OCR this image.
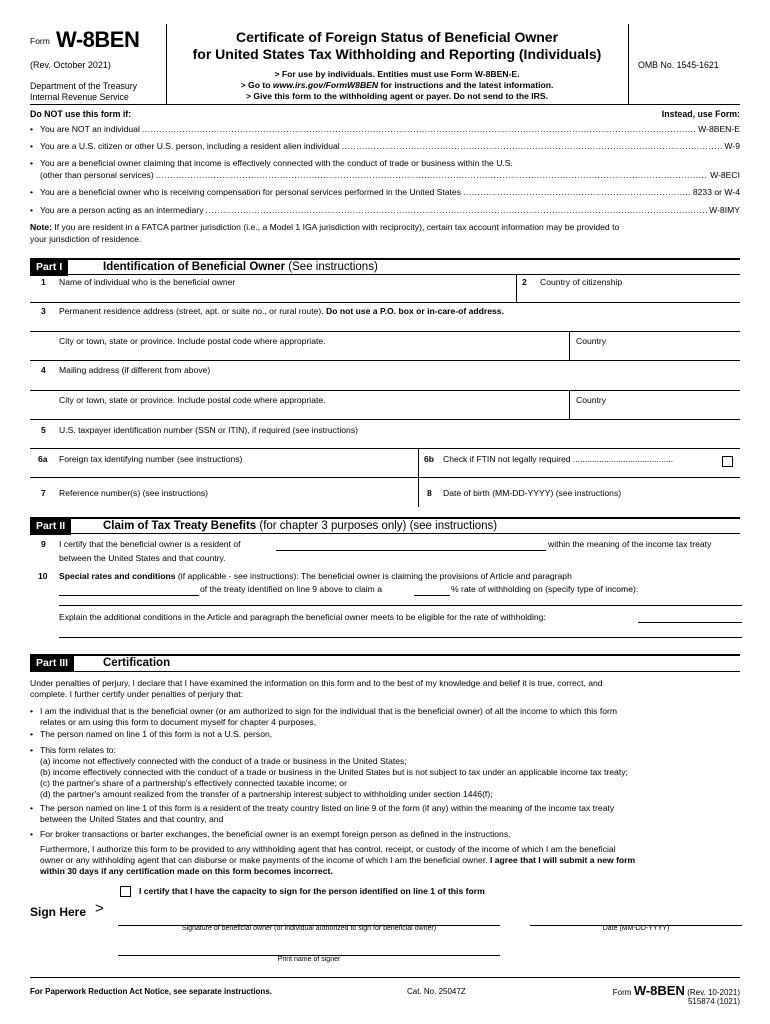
Form W-8BEN
(Rev. October 2021)
Department of the Treasury
Internal Revenue Service
Certificate of Foreign Status of Beneficial Owner
for United States Tax Withholding and Reporting (Individuals)
> For use by individuals. Entities must use Form W-8BEN-E.
> Go to www.irs.gov/FormW8BEN for instructions and the latest information.
> Give this form to the withholding agent or payer. Do not send to the IRS.
OMB No. 1545-1621
Do NOT use this form if:	Instead, use Form:
• You are NOT an individual .....	W-8BEN-E
• You are a U.S. citizen or other U.S. person, including a resident alien individual .....	W-9
• You are a beneficial owner claiming that income is effectively connected with the conduct of trade or business within the U.S.
(other than personal services) .....	W-8ECI
• You are a beneficial owner who is receiving compensation for personal services performed in the United States .....	8233 or W-4
• You are a person acting as an intermediary .....	W-8IMY
Note: If you are resident in a FATCA partner jurisdiction (i.e., a Model 1 IGA jurisdiction with reciprocity), certain tax account information may be provided to
your jurisdiction of residence.
Part I	Identification of Beneficial Owner (See instructions)
1 Name of individual who is the beneficial owner	2 Country of citizenship
3 Permanent residence address (street, apt. or suite no., or rural route). Do not use a P.O. box or in-care-of address.
City or town, state or province. Include postal code where appropriate.	Country
4 Mailing address (if different from above)
City or town, state or province. Include postal code where appropriate.	Country
5 U.S. taxpayer identification number (SSN or ITIN), if required (see instructions)
6a Foreign tax identifying number (see instructions)	6b Check if FTIN not legally required ..........................................
7 Reference number(s) (see instructions)	8 Date of birth (MM-DD-YYYY) (see instructions)
Part II	Claim of Tax Treaty Benefits (for chapter 3 purposes only) (see instructions)
9 I certify that the beneficial owner is a resident of	within the meaning of the income tax treaty
between the United States and that country.
10 Special rates and conditions (if applicable - see instructions): The beneficial owner is claiming the provisions of Article and paragraph
of the treaty identified on line 9 above to claim a	% rate of withholding on (specify type of income):
Explain the additional conditions in the Article and paragraph the beneficial owner meets to be eligible for the rate of withholding:
Part III	Certification

Under penalties of perjury, I declare that I have examined the information on this form and to the best of my knowledge and belief it is true, correct, and

complete. I further certify under penalties of perjury that:

• I am the individual that is the beneficial owner (or am authorized to sign for the individual that is the beneficial owner) of all the income to which this form
relates or am using this form to document myself for chapter 4 purposes,
• The person named on line 1 of this form is not a U.S. person,
• This form relates to:
(a) income not effectively connected with the conduct of a trade or business in the United States;
(b) income effectively connected with the conduct of a trade or business in the United States but is not subject to tax under an applicable income tax treaty;
(c) the partner's share of a partnership's effectively connected taxable income; or
(d) the partner's amount realized from the transfer of a partnership interest subject to withholding under section 1446(f);
• The person named on line 1 of this form is a resident of the treaty country listed on line 9 of the form (if any) within the meaning of the income tax treaty
between the United States and that country, and
• For broker transactions or barter exchanges, the beneficial owner is an exempt foreign person as defined in the instructions.
Furthermore, I authorize this form to be provided to any withholding agent that has control, receipt, or custody of the income of which I am the beneficial
owner or any withholding agent that can disburse or make payments of the income of which I am the beneficial owner. I agree that I will submit a new form
within 30 days if any certification made on this form becomes incorrect.
I certify that I have the capacity to sign for the person identified on line 1 of this form
Sign Here >
Signature of beneficial owner (or individual authorized to sign for beneficial owner)	Date (MM-DD-YYYY)
Print name of signer
For Paperwork Reduction Act Notice, see separate instructions.	Cat. No. 25047Z	Form W-8BEN (Rev. 10-2021)
515874 (1021)
